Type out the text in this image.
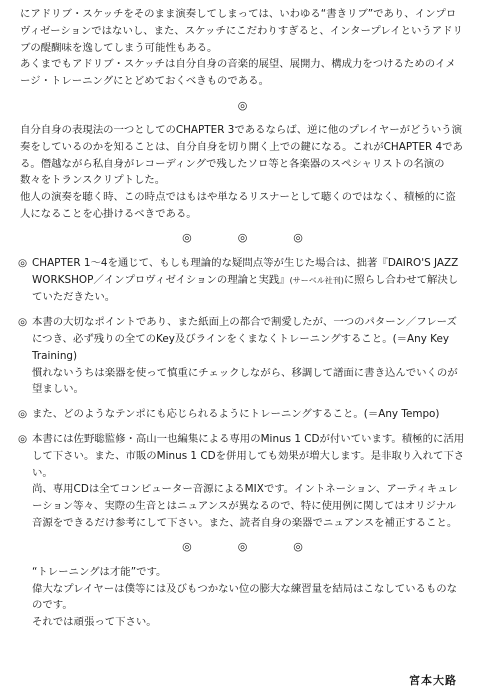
にアドリブ・スケッチをそのまま演奏してしまっては、いわゆる“書きリブ”であり、インプロヴィゼーションではないし、また、スケッチにこだわりすぎると、インタープレイというアドリブの醍醐味を逸してしまう可能性もある。

あくまでもアドリブ・スケッチは自分自身の音楽的展望、展開力、構成力をつけるためのイメージ・トレーニングにとどめておくべきものである。

◎

自分自身の表現法の一つとしてのCHAPTER 3であるならば、逆に他のプレイヤーがどういう演奏をしているのかを知ることは、自分自身を切り開く上での鍵になる。これがCHAPTER 4である。僭越ながら私自身がレコーディングで残したソロ等と各楽器のスペシャリストの名演の数々をトランスクリプトした。

他人の演奏を聴く時、この時点ではもはや単なるリスナーとして聴くのではなく、積極的に盗人になることを心掛けるべきである。

◎	◎	◎

◎ CHAPTER 1～4を通じて、もしも理論的な疑問点等が生じた場合は、拙著『DAIRO'S JAZZ WORKSHOP／インプロヴィゼイションの理論と実践』(サーベル社刊)に照らし合わせて解決していただきたい。

◎ 本書の大切なポイントであり、また紙面上の都合で割愛したが、一つのパターン／フレーズにつき、必ず残りの全てのKey及びラインをくまなくトレーニングすること。(＝Any Key Training)

慣れないうちは楽器を使って慎重にチェックしながら、移調して譜面に書き込んでいくのが望ましい。

◎ また、どのようなテンポにも応じられるようにトレーニングすること。(＝Any Tempo)

◎ 本書には佐野聡監修・高山一也編集による専用のMinus 1 CDが付いています。積極的に活用して下さい。また、市販のMinus 1 CDを併用しても効果が増大します。是非取り入れて下さい。

尚、専用CDは全てコンピューター音源によるMIXです。イントネーション、アーティキュレーション等々、実際の生音とはニュアンスが異なるので、特に使用例に関してはオリジナル音源をできるだけ参考にして下さい。また、読者自身の楽器でニュアンスを補正すること。

◎	◎	◎

“トレーニングは才能”です。

偉大なプレイヤーは僕等には及びもつかない位の膨大な練習量を結局はこなしているものなのです。

それでは頑張って下さい。

宮本大路
